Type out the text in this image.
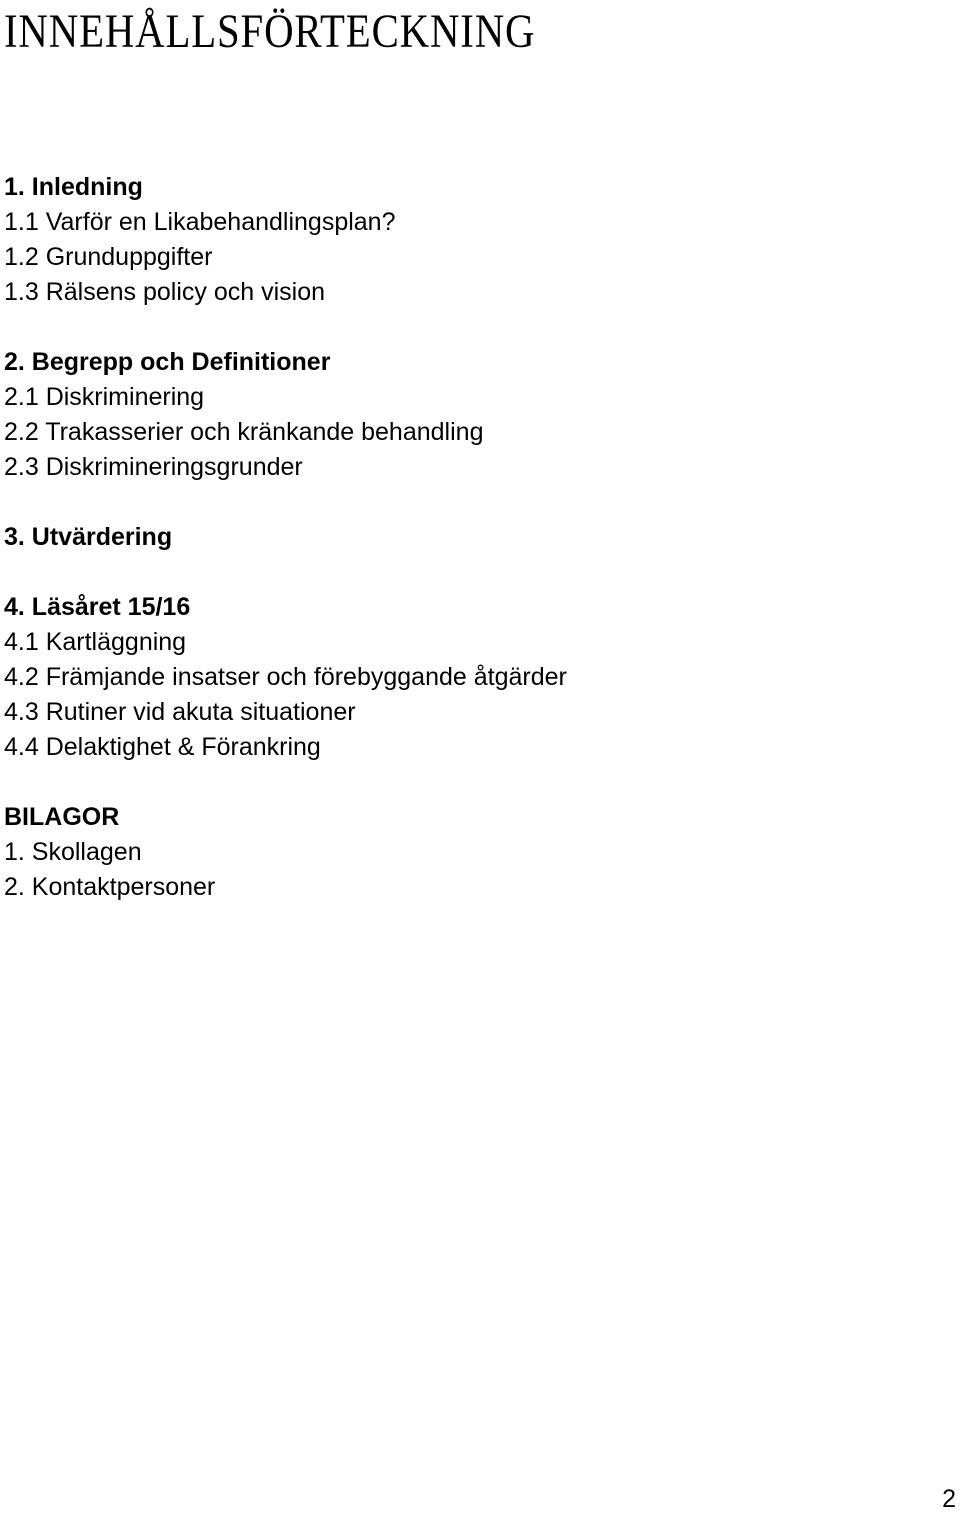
INNEHÅLLSFÖRTECKNING
1. Inledning
1.1 Varför en Likabehandlingsplan?
1.2 Grunduppgifter
1.3 Rälsens policy och vision
2. Begrepp och Definitioner
2.1 Diskriminering
2.2 Trakasserier och kränkande behandling
2.3 Diskrimineringsgrunder
3. Utvärdering
4. Läsåret 15/16
4.1 Kartläggning
4.2 Främjande insatser och förebyggande åtgärder
4.3 Rutiner vid akuta situationer
4.4 Delaktighet & Förankring
BILAGOR
1. Skollagen
2. Kontaktpersoner
2
